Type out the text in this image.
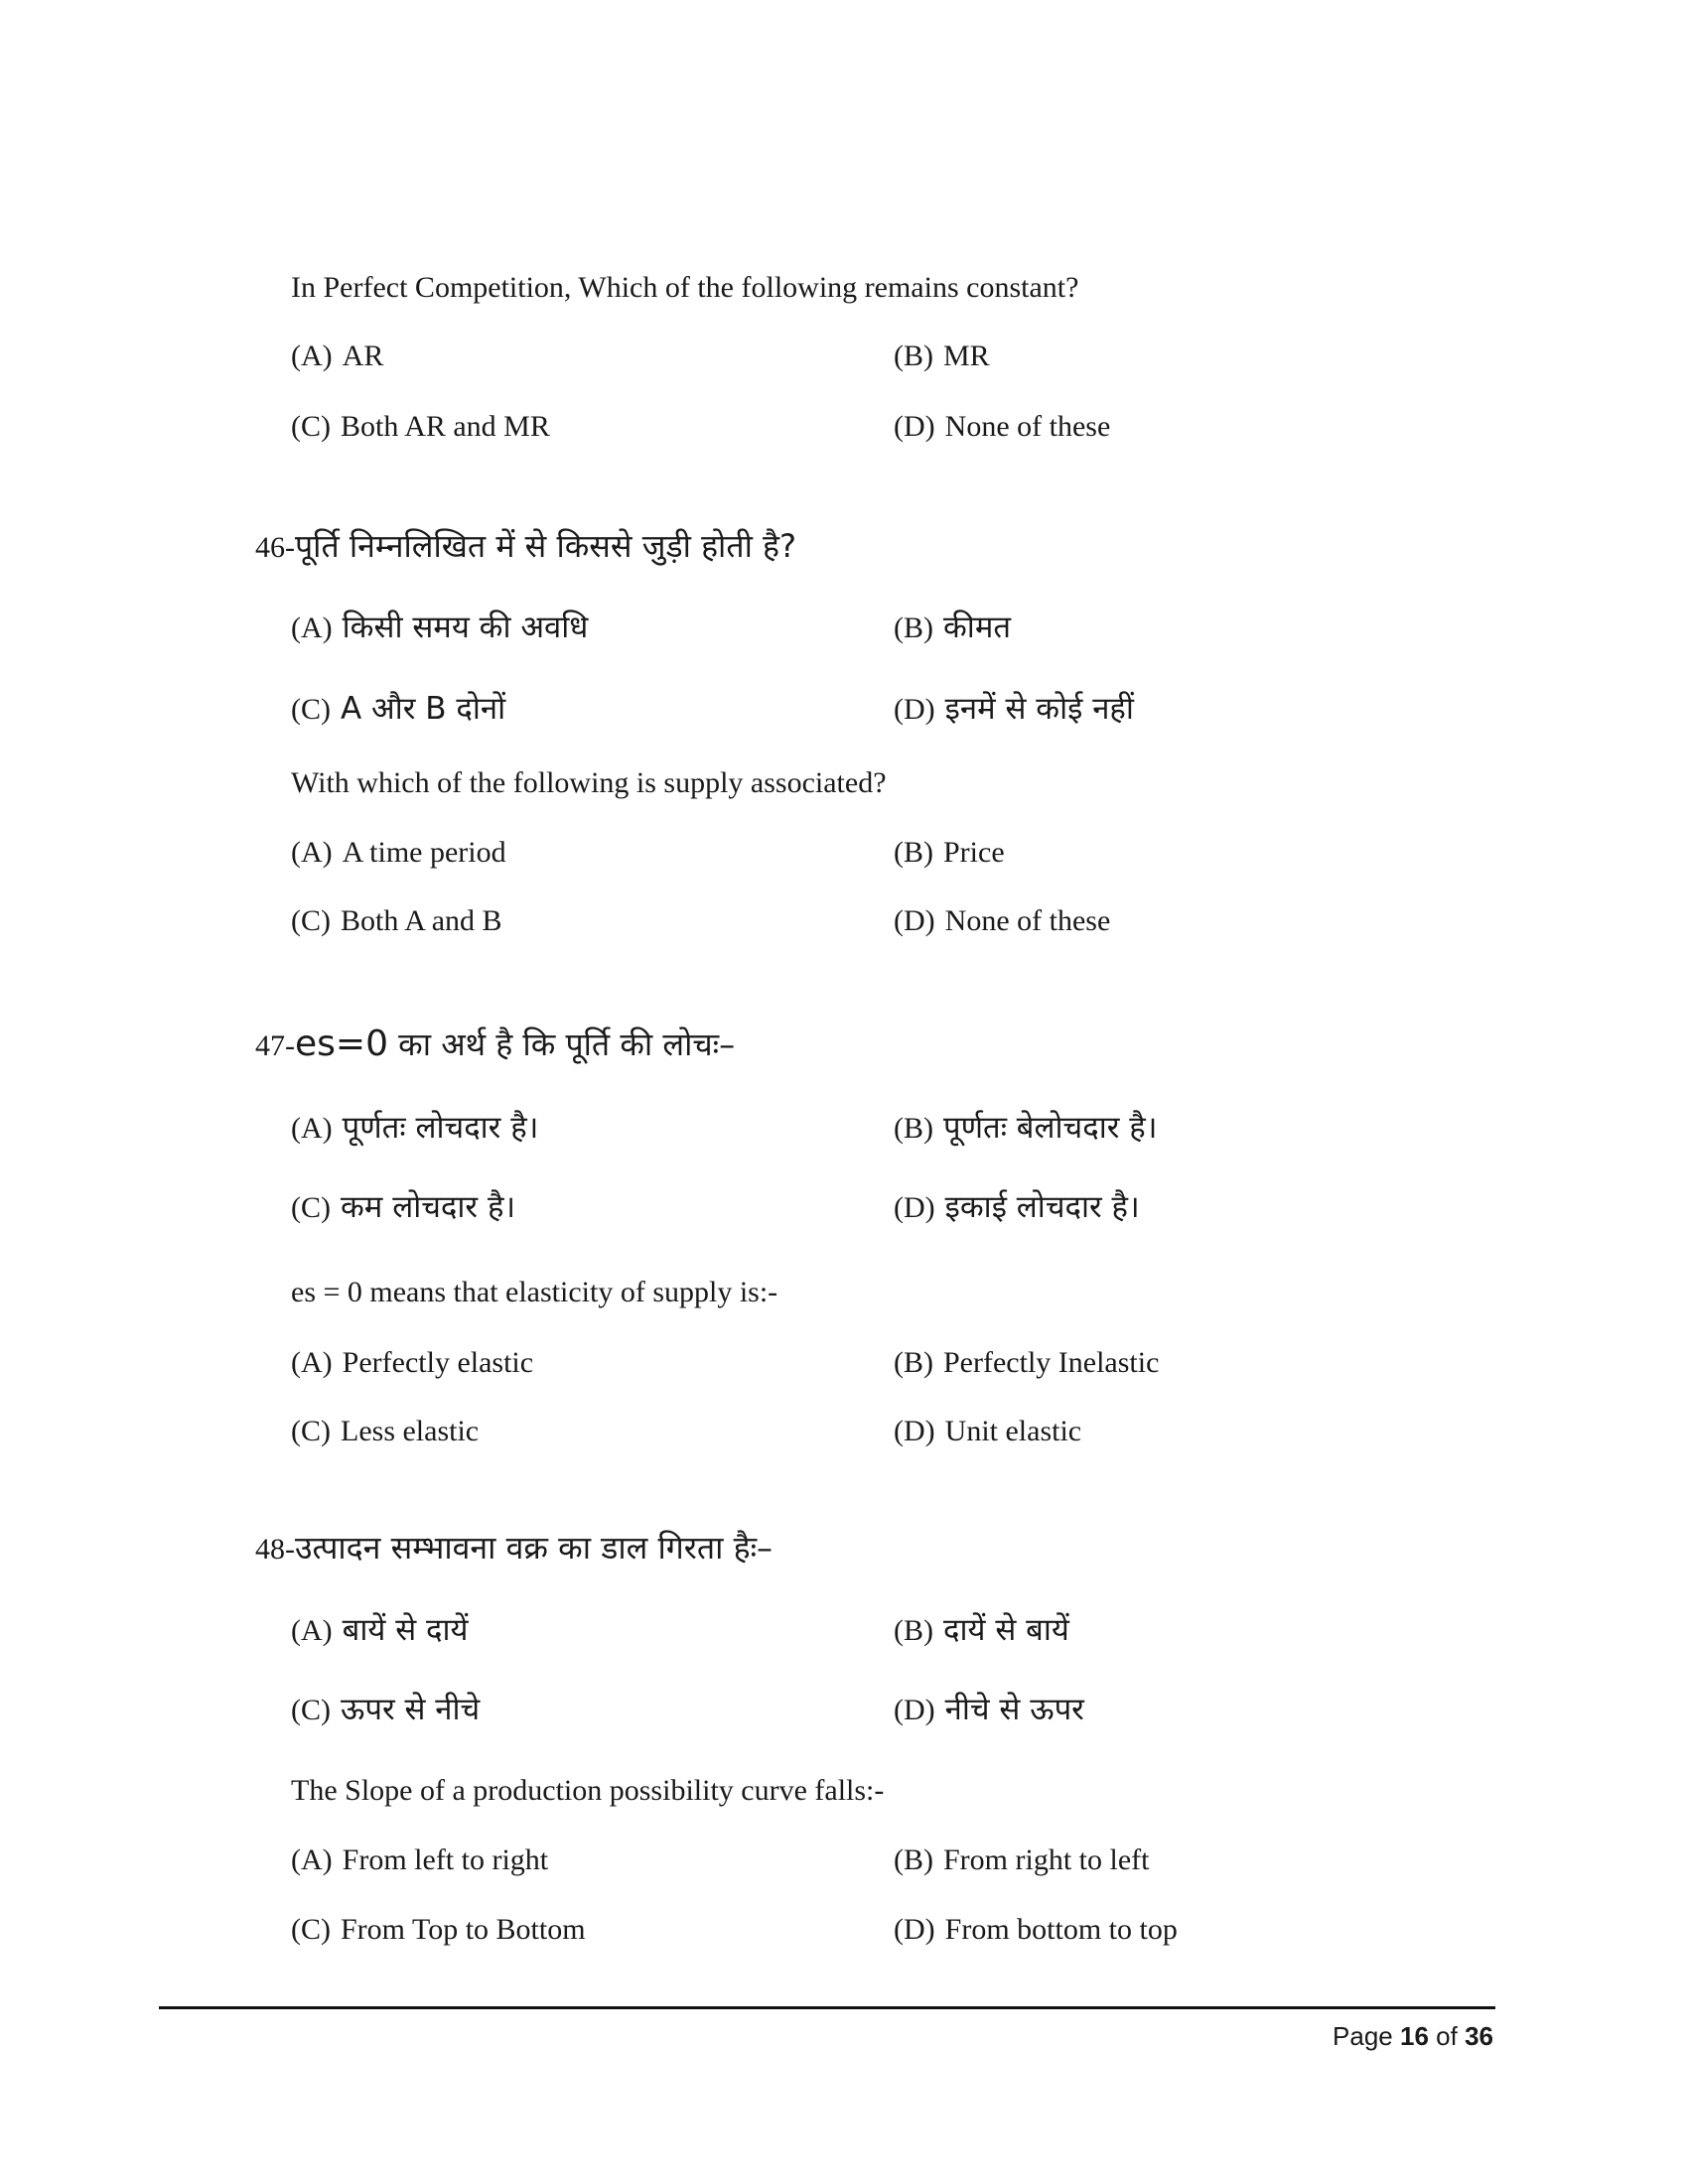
In Perfect Competition, Which of the following remains constant?
(A) AR	(B) MR
(C) Both AR and MR	(D) None of these
46-पूर्ति निम्नलिखित में से किससे जुड़ी होती है?
(A) किसी समय की अवधि	(B) कीमत
(C) A और B दोनों	(D) इनमें से कोई नहीं
With which of the following is supply associated?
(A) A time period	(B) Price
(C) Both A and B	(D) None of these
47-es=0 का अर्थ है कि पूर्ति की लोचः–
(A) पूर्णतः लोचदार है।	(B) पूर्णतः बेलोचदार है।
(C) कम लोचदार है।	(D) इकाई लोचदार है।
es = 0 means that elasticity of supply is:-
(A) Perfectly elastic	(B) Perfectly Inelastic
(C) Less elastic	(D) Unit elastic
48-उत्पादन सम्भावना वक्र का डाल गिरता हैः–
(A) बायें से दायें	(B) दायें से बायें
(C) ऊपर से नीचे	(D) नीचे से ऊपर
The Slope of a production possibility curve falls:-
(A) From left to right	(B) From right to left
(C) From Top to Bottom	(D) From bottom to top
Page 16 of 36
